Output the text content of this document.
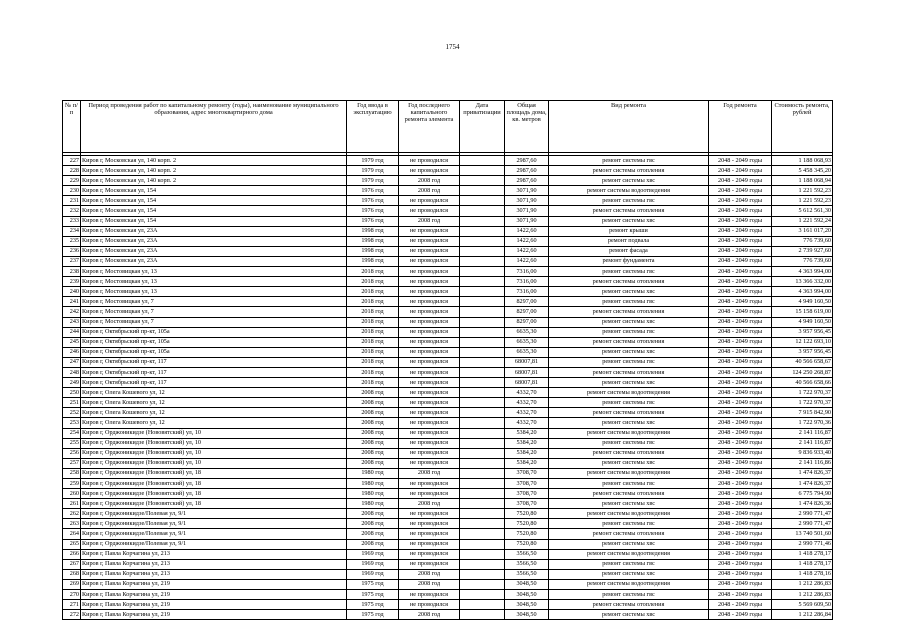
1754
№ п/п	Период проведения работ по капитальному ремонту (годы), наименование муниципального образования, адрес многоквартирного дома	Год ввода в эксплуатацию	Год последнего капитального ремонта элемента	Дата приватизации	Общая площадь дома, кв. метров	Вид ремонта	Год ремонта	Стоимость ремонта, рублей

227	Киров г, Московская ул, 140 корп. 2	1979 год	не проводился		2987,60	ремонт системы гвс	2048 - 2049 годы	1 188 068,93
228	Киров г, Московская ул, 140 корп. 2	1979 год	не проводился		2987,60	ремонт системы отопления	2048 - 2049 годы	5 458 345,20
229	Киров г, Московская ул, 140 корп. 2	1979 год	2008 год		2987,60	ремонт системы хвс	2048 - 2049 годы	1 188 068,94
230	Киров г, Московская ул, 154	1976 год	2008 год		3071,90	ремонт системы водоотведения	2048 - 2049 годы	1 221 592,23
231	Киров г, Московская ул, 154	1976 год	не проводился		3071,90	ремонт системы гвс	2048 - 2049 годы	1 221 592,23
232	Киров г, Московская ул, 154	1976 год	не проводился		3071,90	ремонт системы отопления	2048 - 2049 годы	5 612 561,30
233	Киров г, Московская ул, 154	1976 год	2008 год		3071,90	ремонт системы хвс	2048 - 2049 годы	1 221 592,24
234	Киров г, Московская ул, 23А	1998 год	не проводился		1422,60	ремонт крыши	2048 - 2049 годы	3 161 017,20
235	Киров г, Московская ул, 23А	1998 год	не проводился		1422,60	ремонт подвала	2048 - 2049 годы	776 739,60
236	Киров г, Московская ул, 23А	1998 год	не проводился		1422,60	ремонт фасада	2048 - 2049 годы	2 739 927,60
237	Киров г, Московская ул, 23А	1998 год	не проводился		1422,60	ремонт фундамента	2048 - 2049 годы	776 739,60
238	Киров г, Мостовицкая ул, 13	2018 год	не проводился		7316,00	ремонт системы гвс	2048 - 2049 годы	4 363 994,00
239	Киров г, Мостовицкая ул, 13	2018 год	не проводился		7316,00	ремонт системы отопления	2048 - 2049 годы	13 366 332,00
240	Киров г, Мостовицкая ул, 13	2018 год	не проводился		7316,00	ремонт системы хвс	2048 - 2049 годы	4 363 994,00
241	Киров г, Мостовицкая ул, 7	2018 год	не проводился		8297,00	ремонт системы гвс	2048 - 2049 годы	4 949 160,50
242	Киров г, Мостовицкая ул, 7	2018 год	не проводился		8297,00	ремонт системы отопления	2048 - 2049 годы	15 158 619,00
243	Киров г, Мостовицкая ул, 7	2018 год	не проводился		8297,00	ремонт системы хвс	2048 - 2049 годы	4 949 160,50
244	Киров г, Октябрьский пр-кт, 105а	2018 год	не проводился		6635,30	ремонт системы гвс	2048 - 2049 годы	3 957 956,45
245	Киров г, Октябрьский пр-кт, 105а	2018 год	не проводился		6635,30	ремонт системы отопления	2048 - 2049 годы	12 122 693,10
246	Киров г, Октябрьский пр-кт, 105а	2018 год	не проводился		6635,30	ремонт системы хвс	2048 - 2049 годы	3 957 956,45
247	Киров г, Октябрьский пр-кт, 117	2018 год	не проводился		68007,81	ремонт системы гвс	2048 - 2049 годы	40 566 658,67
248	Киров г, Октябрьский пр-кт, 117	2018 год	не проводился		68007,81	ремонт системы отопления	2048 - 2049 годы	124 250 268,87
249	Киров г, Октябрьский пр-кт, 117	2018 год	не проводился		68007,81	ремонт системы хвс	2048 - 2049 годы	40 566 658,66
250	Киров г, Олега Кошевого ул, 12	2008 год	не проводился		4332,70	ремонт системы водоотведения	2048 - 2049 годы	1 722 970,37
251	Киров г, Олега Кошевого ул, 12	2008 год	не проводился		4332,70	ремонт системы гвс	2048 - 2049 годы	1 722 970,37
252	Киров г, Олега Кошевого ул, 12	2008 год	не проводился		4332,70	ремонт системы отопления	2048 - 2049 годы	7 915 842,90
253	Киров г, Олега Кошевого ул, 12	2008 год	не проводился		4332,70	ремонт системы хвс	2048 - 2049 годы	1 722 970,36
254	Киров г, Орджоникидзе (Нововятский) ул, 10	2008 год	не проводился		5384,20	ремонт системы водоотведения	2048 - 2049 годы	2 141 116,87
255	Киров г, Орджоникидзе (Нововятский) ул, 10	2008 год	не проводился		5384,20	ремонт системы гвс	2048 - 2049 годы	2 141 116,87
256	Киров г, Орджоникидзе (Нововятский) ул, 10	2008 год	не проводился		5384,20	ремонт системы отопления	2048 - 2049 годы	9 836 933,40
257	Киров г, Орджоникидзе (Нововятский) ул, 10	2008 год	не проводился		5384,20	ремонт системы хвс	2048 - 2049 годы	2 141 116,86
258	Киров г, Орджоникидзе (Нововятский) ул, 18	1980 год	2008 год		3708,70	ремонт системы водоотведения	2048 - 2049 годы	1 474 826,37
259	Киров г, Орджоникидзе (Нововятский) ул, 18	1980 год	не проводился		3708,70	ремонт системы гвс	2048 - 2049 годы	1 474 826,37
260	Киров г, Орджоникидзе (Нововятский) ул, 18	1980 год	не проводился		3708,70	ремонт системы отопления	2048 - 2049 годы	6 775 794,90
261	Киров г, Орджоникидзе (Нововятский) ул, 18	1980 год	2008 год		3708,70	ремонт системы хвс	2048 - 2049 годы	1 474 826,36
262	Киров г, Орджоникидзе/Полевая ул, 9/1	2008 год	не проводился		7520,80	ремонт системы водоотведения	2048 - 2049 годы	2 990 771,47
263	Киров г, Орджоникидзе/Полевая ул, 9/1	2008 год	не проводился		7520,80	ремонт системы гвс	2048 - 2049 годы	2 990 771,47
264	Киров г, Орджоникидзе/Полевая ул, 9/1	2008 год	не проводился		7520,80	ремонт системы отопления	2048 - 2049 годы	13 740 501,60
265	Киров г, Орджоникидзе/Полевая ул, 9/1	2008 год	не проводился		7520,80	ремонт системы хвс	2048 - 2049 годы	2 990 771,46
266	Киров г, Павла Корчагина ул, 213	1969 год	не проводился		3566,50	ремонт системы водоотведения	2048 - 2049 годы	1 418 278,17
267	Киров г, Павла Корчагина ул, 213	1969 год	не проводился		3566,50	ремонт системы гвс	2048 - 2049 годы	1 418 278,17
268	Киров г, Павла Корчагина ул, 213	1969 год	2008 год		3566,50	ремонт системы хвс	2048 - 2049 годы	1 418 278,16
269	Киров г, Павла Корчагина ул, 219	1975 год	2008 год		3048,50	ремонт системы водоотведения	2048 - 2049 годы	1 212 286,83
270	Киров г, Павла Корчагина ул, 219	1975 год	не проводился		3048,50	ремонт системы гвс	2048 - 2049 годы	1 212 286,83
271	Киров г, Павла Корчагина ул, 219	1975 год	не проводился		3048,50	ремонт системы отопления	2048 - 2049 годы	5 569 609,50
272	Киров г, Павла Корчагина ул, 219	1975 год	2008 год		3048,50	ремонт системы хвс	2048 - 2049 годы	1 212 286,84
